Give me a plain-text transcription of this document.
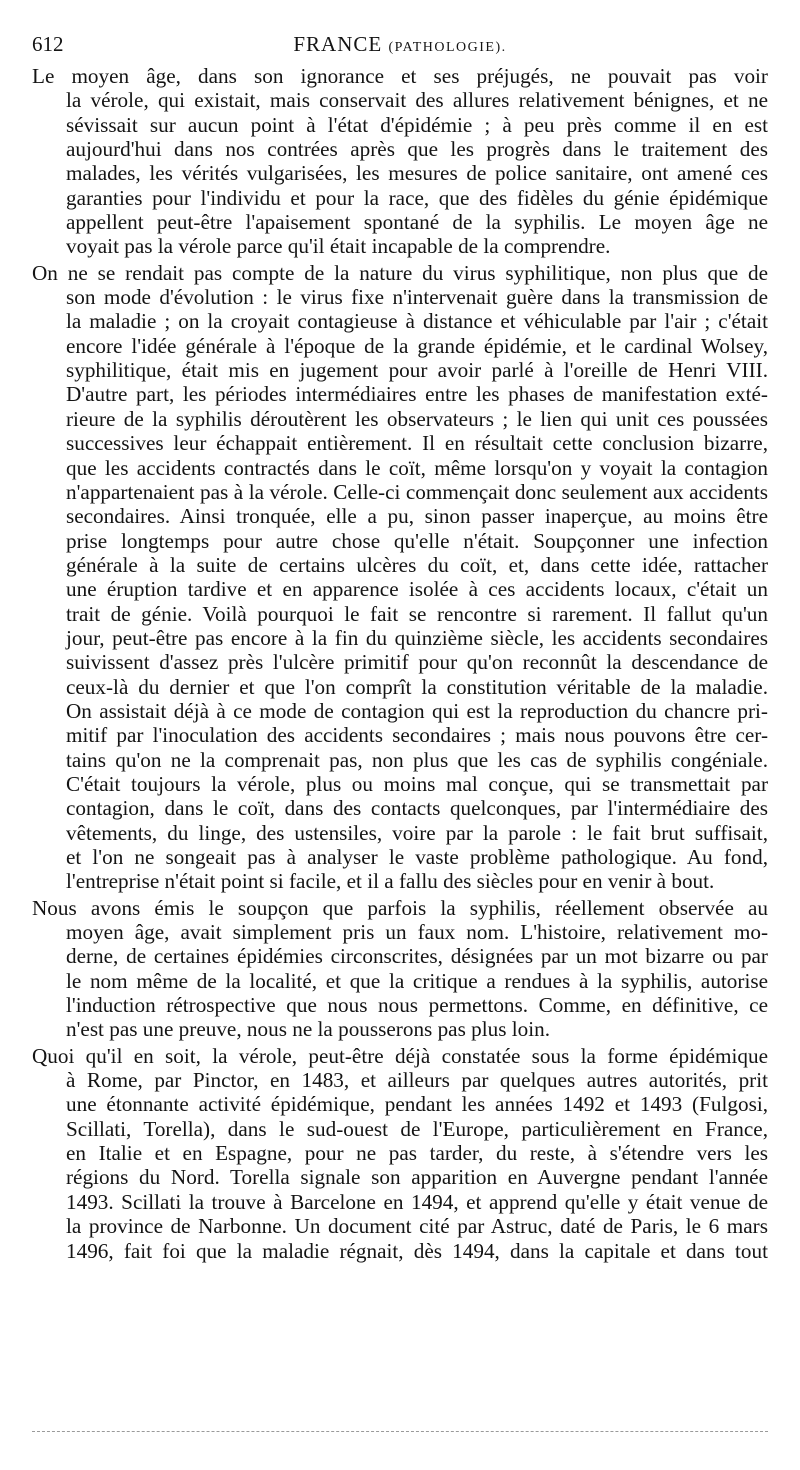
612	FRANCE (PATHOLOGIE).

Le moyen âge, dans son ignorance et ses préjugés, ne pouvait pas voir
la vérole, qui existait, mais conservait des allures relativement bénignes, et ne
sévissait sur aucun point à l'état d'épidémie ; à peu près comme il en est
aujourd'hui dans nos contrées après que les progrès dans le traitement des
malades, les vérités vulgarisées, les mesures de police sanitaire, ont amené ces
garanties pour l'individu et pour la race, que des fidèles du génie épidémique
appellent peut-être l'apaisement spontané de la syphilis. Le moyen âge ne
voyait pas la vérole parce qu'il était incapable de la comprendre.

On ne se rendait pas compte de la nature du virus syphilitique, non plus que de
son mode d'évolution : le virus fixe n'intervenait guère dans la transmission de
la maladie ; on la croyait contagieuse à distance et véhiculable par l'air ; c'était
encore l'idée générale à l'époque de la grande épidémie, et le cardinal Wolsey,
syphilitique, était mis en jugement pour avoir parlé à l'oreille de Henri VIII.
D'autre part, les périodes intermédiaires entre les phases de manifestation exté-
rieure de la syphilis déroutèrent les observateurs ; le lien qui unit ces poussées
successives leur échappait entièrement. Il en résultait cette conclusion bizarre,
que les accidents contractés dans le coït, même lorsqu'on y voyait la contagion
n'appartenaient pas à la vérole. Celle-ci commençait donc seulement aux accidents
secondaires. Ainsi tronquée, elle a pu, sinon passer inaperçue, au moins être
prise longtemps pour autre chose qu'elle n'était. Soupçonner une infection
générale à la suite de certains ulcères du coït, et, dans cette idée, rattacher
une éruption tardive et en apparence isolée à ces accidents locaux, c'était un
trait de génie. Voilà pourquoi le fait se rencontre si rarement. Il fallut qu'un
jour, peut-être pas encore à la fin du quinzième siècle, les accidents secondaires
suivissent d'assez près l'ulcère primitif pour qu'on reconnût la descendance de
ceux-là du dernier et que l'on comprît la constitution véritable de la maladie.
On assistait déjà à ce mode de contagion qui est la reproduction du chancre pri-
mitif par l'inoculation des accidents secondaires ; mais nous pouvons être cer-
tains qu'on ne la comprenait pas, non plus que les cas de syphilis congéniale.
C'était toujours la vérole, plus ou moins mal conçue, qui se transmettait par
contagion, dans le coït, dans des contacts quelconques, par l'intermédiaire des
vêtements, du linge, des ustensiles, voire par la parole : le fait brut suffisait,
et l'on ne songeait pas à analyser le vaste problème pathologique. Au fond,
l'entreprise n'était point si facile, et il a fallu des siècles pour en venir à bout.

Nous avons émis le soupçon que parfois la syphilis, réellement observée au
moyen âge, avait simplement pris un faux nom. L'histoire, relativement mo-
derne, de certaines épidémies circonscrites, désignées par un mot bizarre ou par
le nom même de la localité, et que la critique a rendues à la syphilis, autorise
l'induction rétrospective que nous nous permettons. Comme, en définitive, ce
n'est pas une preuve, nous ne la pousserons pas plus loin.

Quoi qu'il en soit, la vérole, peut-être déjà constatée sous la forme épidémique
à Rome, par Pinctor, en 1483, et ailleurs par quelques autres autorités, prit
une étonnante activité épidémique, pendant les années 1492 et 1493 (Fulgosi,
Scillati, Torella), dans le sud-ouest de l'Europe, particulièrement en France,
en Italie et en Espagne, pour ne pas tarder, du reste, à s'étendre vers les
régions du Nord. Torella signale son apparition en Auvergne pendant l'année
1493. Scillati la trouve à Barcelone en 1494, et apprend qu'elle y était venue de
la province de Narbonne. Un document cité par Astruc, daté de Paris, le 6 mars
1496, fait foi que la maladie régnait, dès 1494, dans la capitale et dans tout
